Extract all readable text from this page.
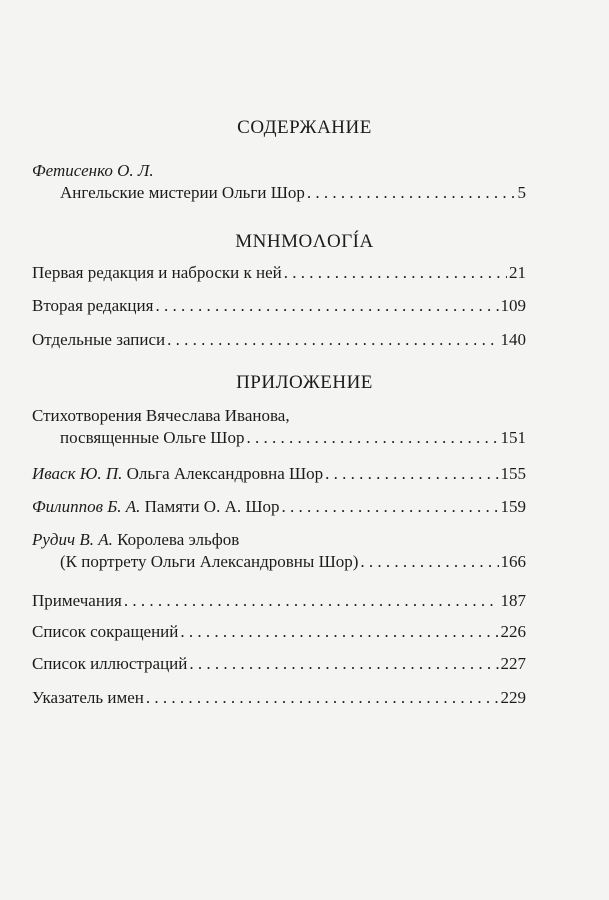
СОДЕРЖАНИЕ
Фетисенко О. Л.
Ангельские мистерии Ольги Шор . . .	5
MNHMOΛOΓÍA
Первая редакция и наброски к ней . . .	21
Вторая редакция . . .	109
Отдельные записи . . .	140
ПРИЛОЖЕНИЕ
Стихотворения Вячеслава Иванова,
посвященные Ольге Шор . . .	151
Иваск Ю. П.
Ольга Александровна Шор . . .	155
Филиппов Б. А.
Памяти О. А. Шор . . .	159
Рудич В. А.
Королева эльфов
(К портрету Ольги Александровны Шор) . . .	166
Примечания . . .	187
Список сокращений . . .	226
Список иллюстраций . . .	227
Указатель имен . . .	229
